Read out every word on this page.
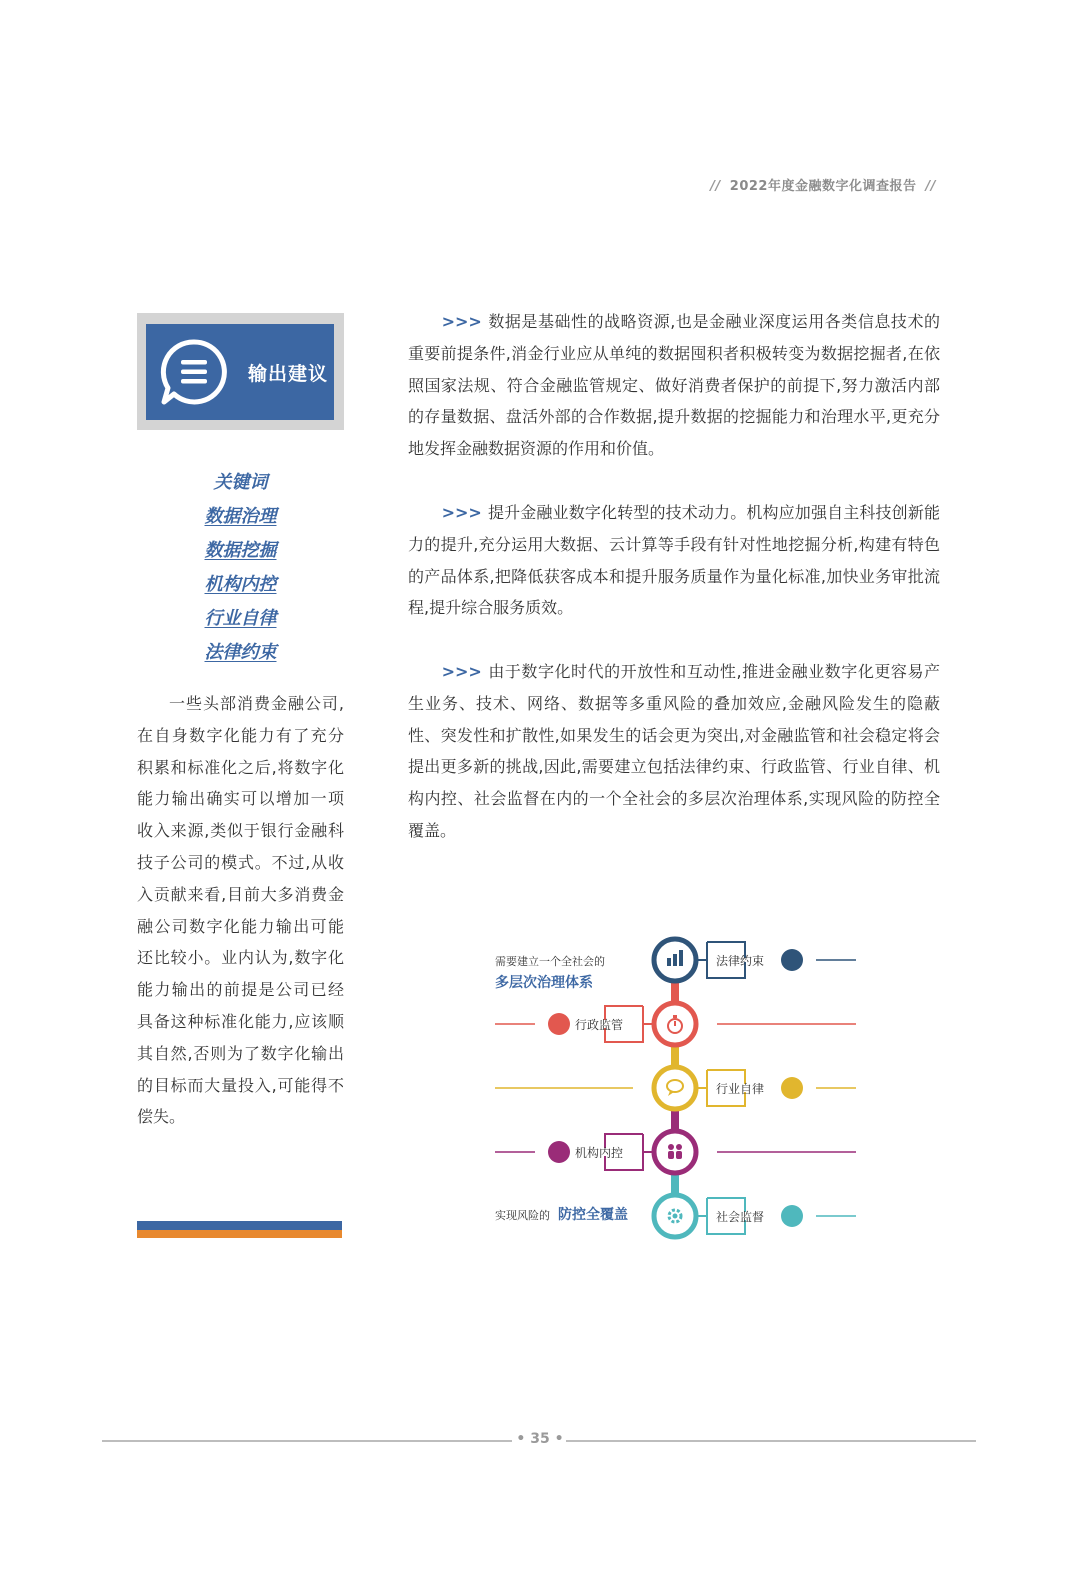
// 2022年度金融数字化调查报告 //
输出建议
关键词
数据治理
数据挖掘
机构内控
行业自律
法律约束
一些头部消费金融公司,在自身数字化能力有了充分积累和标准化之后,将数字化能力输出确实可以增加一项收入来源,类似于银行金融科技子公司的模式。不过,从收入贡献来看,目前大多消费金融公司数字化能力输出可能还比较小。业内认为,数字化能力输出的前提是公司已经具备这种标准化能力,应该顺其自然,否则为了数字化输出的目标而大量投入,可能得不偿失。
>>> 数据是基础性的战略资源,也是金融业深度运用各类信息技术的重要前提条件,消金行业应从单纯的数据囤积者积极转变为数据挖掘者,在依照国家法规、符合金融监管规定、做好消费者保护的前提下,努力激活内部的存量数据、盘活外部的合作数据,提升数据的挖掘能力和治理水平,更充分地发挥金融数据资源的作用和价值。
>>> 提升金融业数字化转型的技术动力。机构应加强自主科技创新能力的提升,充分运用大数据、云计算等手段有针对性地挖掘分析,构建有特色的产品体系,把降低获客成本和提升服务质量作为量化标准,加快业务审批流程,提升综合服务质效。
>>> 由于数字化时代的开放性和互动性,推进金融业数字化更容易产生业务、技术、网络、数据等多重风险的叠加效应,金融风险发生的隐蔽性、突发性和扩散性,如果发生的话会更为突出,对金融监管和社会稳定将会提出更多新的挑战,因此,需要建立包括法律约束、行政监管、行业自律、机构内控、社会监督在内的一个全社会的多层次治理体系,实现风险的防控全覆盖。
需要建立一个全社会的
多层次治理体系
实现风险的 防控全覆盖
法律约束
行政监管
行业自律
机构内控
社会监督
• 35 •
